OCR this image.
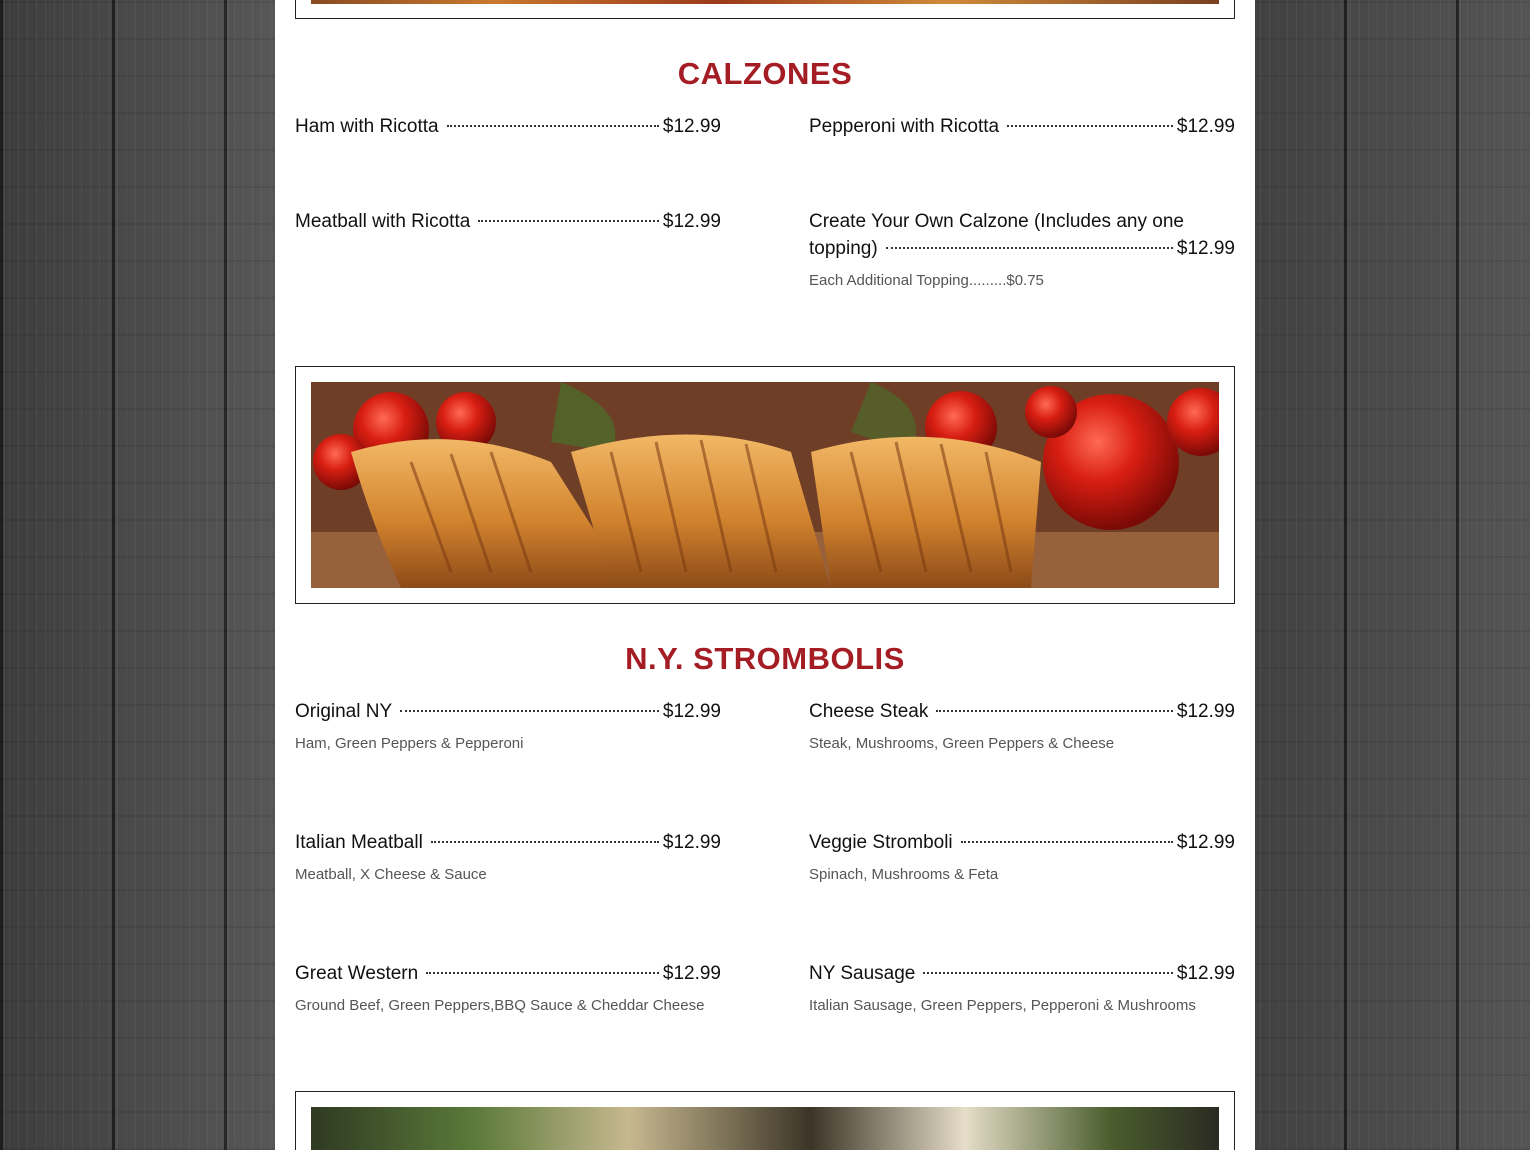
CALZONES
Ham with Ricotta	$12.99	Pepperoni with Ricotta	$12.99
Meatball with Ricotta	$12.99	Create Your Own Calzone (Includes any one
topping)	$12.99
Each Additional Topping.........$0.75
N.Y. STROMBOLIS
Original NY	$12.99
Ham, Green Peppers & Pepperoni
Cheese Steak	$12.99
Steak, Mushrooms, Green Peppers & Cheese
Italian Meatball	$12.99
Meatball, X Cheese & Sauce
Veggie Stromboli	$12.99
Spinach, Mushrooms & Feta
Great Western	$12.99
Ground Beef, Green Peppers,BBQ Sauce & Cheddar Cheese
NY Sausage	$12.99
Italian Sausage, Green Peppers, Pepperoni & Mushrooms
